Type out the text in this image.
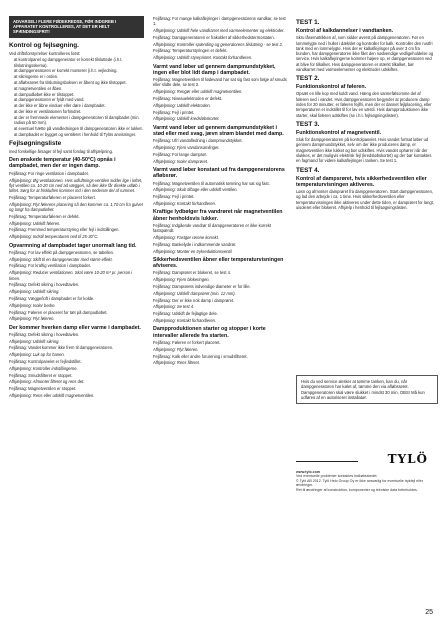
ADVARSEL! FLERE FØDEKREDSE, FØR INDGREB I APPARATET KONTROLLERES, AT DET ER HELT SPÆNDINGSFRIT!
Kontrol og fejlsøgning.

Ved driftsforstyrrelser kontrolleres først:

• at kontrolpanel og dampgenerator er korrekt tilsluttede (i.h.t. tilslutningsskema).
• at dampgeneratoren er korrekt monteret (i.h.t. vejledning.
• at sikringerne er i orden.
• at afløbsrøret fra tilslutningsboksen er åbent og ikke tilstoppet.
• at magnetventilen er åben.
• at dampudløbet ikke er tilstoppet.
• at dampgeneratoren er fyldt med vand.
• at der ikke er åbne vinduer eller døre i dampbadet.
• at der ikke er ventilationen forhindret.
• at der er fremmede elementer i dampgeneratoren til dampbadet (min. radius på 50 mm).
• at eventuel hætte på vandledningen til dampgeneratoren ikke er lukket.
• at dampbadet er bygget og ventileret i henhold til Tylös anvisninger.
Fejlsøgningsliste

med forskellige årsager til fejl samt forslag til afhjælpning.

Den ønskede temperatur (40-50°C) opnås i dampbadet, men der er ingen damp.

Fejlårsag: For ringe ventilation i dampbadet.

Afhjælpning: Øg ventilationen. Hvis udluftnings-ventilen sidder lige i loftet, flyt ventilen ca. 10-20 cm ned ad væggen, så den ikke får direkte udløb i loftet. Sørg for at friskluften kommer ind i den nederste del af rummet.

Fejlårsag: Temperaturføleren er placeret forkert.

Afhjælpning: Flyt følerens placering så den kommer ca. 1,70 cm fra gulvet og langt fra damputløbet.

Fejlårsag: Temperaturføleren er defekt.

Afhjælpning: Udskift føleren.

Fejlårsag: Fremmed temperaturstyring eller fejl i indstillingen.

Afhjælpning: Indstil temperaturen ned til 25-30°C.

Opvarmning af dampbadet tager unormalt lang tid.

Fejlårsag: For lav effekt på dampgeneratoren, se tabellen.

Afhjælpning: Skift til en dampgenerator med større effekt.

Fejlårsag: For kraftig ventilation i dampbadet.

Afhjælpning: Reducer ventilationen. Skal være 10-20 m³ pr. person i timen.

Fejlårsag: Defekt sikring i hovedtavlen.

Afhjælpning: Udskift sikring.

Fejlårsag: Vægge/loft i dampbadet er for kolde.

Afhjælpning: Isoler bedre.

Fejlårsag: Føleren er placeret for tæt på dampudløbet.

Afhjælpning: Flyt føleren.

Der kommer hverken damp eller varme i dampbadet.

Fejlårsag: Defekt sikring i hovedtavlen.

Afhjælpning: Udskift sikring.

Fejlårsag: Vandet kommer ikke frem til dampgeneratoren.

Afhjælpning: Luk op for hanen.

Fejlårsag: Kontrolpanelet er fejlindstillet.

Afhjælpning: Kontroller indstillingerne.

Fejlårsag: Smudsfilteret er stoppet.

Afhjælpning: Afmonter filteret og rens det.

Fejlårsag: Magnetventilen er stoppet.

Afhjælpning: Rens eller udskift magnetventilen.

Fejlårsag: For mange kalkaflejringer i dampgeneratorens vandkar, se test 1.

Afhjælpning: Udskift hele vandkarret med varmeelementer og elektroder.

Fejlårsag: Dampgeneratoren er frakoblet af sikkerhedstermostaten.

Afhjælpning: Kontroller spænding og generatorens tilslutning - se test 2.

Fejlårsag: Temperaturstyringen er defekt.

Afhjælpning: Udskift styreprintet. Kontakt forhandleren.

Varmt vand løber ud gennem dampmundstykket, ingen eller blot lidt damp i dampbadet.

Fejlårsag: Magnetventilen til fødevand har sat sig fast som følge af smuds eller slidte dele, se test 3.

Afhjælpning: Rengør eller udskift magnetventilen.

Fejlårsag: Niveauelektroden er defekt.

Afhjælpning: Udskift elektroden.

Fejlårsag: Fejl i printet.

Afhjælpning: Udskift kredsløbskortet.

Varmt vand løber ud gennem dampmundstykket i stød eller med svag, jævn strøm blandet med damp.

Fejlårsag: Ufri vandafledning i dampmundstykket.

Afhjælpning: Fjern vandansamlinger.

Fejlårsag: For lange damprør.

Afhjælpning: Isoler damprøret.

Varmt vand løber konstant ud fra dampgeneratorens afløbsrør.

Fejlårsag: Magnetventilen til automatisk tømning har sat sig fast.

Afhjælpning: Skub tilbage eller udskift ventilen.

Fejlårsag: Fejl i printet.

Afhjælpning: Kontakt forhandleren.

Kraftige lydbølger fra vandrøret når magnetventilen åbner henholdsvis lukker.

Fejlårsag: Indgående vandrør til dampgeneratoren er ikke korrekt fastspændt.

Afhjælpning: Fastgør rørene korrekt.

Fejlårsag: Bankelyde i indkommende vandrør.

Afhjælpning: Monter en trykreduktionsventil.

Sikkerhedsventilen åbner eller temperaturvisningen afviseres.

Fejlårsag: Damprøret er blokeret, se test 4.

Afhjælpning: Fjern blokeringen.

Fejlårsag: Damprørets indvendige diameter er for lille.

Afhjælpning: Udskift damprøret (min. 12 mm).

Fejlårsag: Der er ikke nok damp i damprøret.

Afhjælpning: Se test 4.

Fejlårsag: Udskift de fejlagtige dele.

Afhjælpning: Kontakt forhandleren.

Dampproduktionen starter og stopper i korte intervaller allerede fra starten.

Fejlårsag: Føleren er forkert placeret.

Afhjælpning: Flyt føleren.

Fejlårsag: Kalk eller andre forurening i smudsfilteret.

Afhjælpning: Rens filteret.

TEST 1.
Kontrol af kalkdannelser i vandtanken.

Skru låsemøtrikken af, som sidder øverst på dampgeneratoren. Før en lommelygte ned i hullet i dækslet og kontroller for kalk. Kontroller den rustfri tank med en lommelygte. Hvis der er kalkaflejringer på over 3 cm fra bunden, har dampgeneratoren ikke fået den nødvendige vedligeholdelse og service. Hvis kalkaflejringerne kommer højere op, er dampgeneratoren ved at blive for tilkalket. Hvis dampgeneratoren er stærkt tilkalket, bør vandkarret med varmeelementer og elektroder udskiftes.

TEST 2.
Funktionskontrol af føleren.

Opsæt en lille kop med koldt vand. Hæng den varmefølsomme del af føleren ned i vandet. Hvis dampgeneratoren begynder at producere damp inden for 20 minutter, er føleren fejlfri, men der er dannet fejlplacering, eller temperaturen er indstillet til for lav en værdi. Hvis dampproduktionen ikke starter, skal føleren udskiftes (se i.h.t. fejlsøgningslisten).

TEST 3.
Funktionskontrol af magnetventil.

Sluk for dampgeneratoren på kontrolpanelet. Hvis vandet fortsat løber ud gennem dampmundstykket, selv om der ikke produceres damp, er magnetventilen ikke lukket og bør udskiftes. Hvis vandet ophører når der slukkes, er det muligvis elektrisk fejl (kredsløbskortet) og der bør kontaktes en fagmand for videre kalkaflejringer i tanken. Se test 1.

TEST 4.
Kontrol af dampsrøret, hvis sikkerhedsventilen eller temperaturvisningen aktiveres.

Løsn og afmonter damprøret fra dampgeneratoren. Start dampgeneratoren, og lad den arbejde i ca. 1 time. Hvis sikkerhedsventilen eller temperaturvisningen ikke aktiveres under dette tiden, er damprøret for langt, uisoleret eller blokeret. Afhjælp i henhold til fejlsøgningslisten.

Hvis du ved service ønsker at tømme tanken, kan du, når dampgeneratoren har kølet af, tømme den via afløbsrøret. Dampgeneratoren skal være slukket i mindst 30 min. OBS! Må kun udføres af en autoriseret installatør.
TYLÖ
www.tylo.com
Ved eventuelle problemer kontaktes indkøbsstedet.
© Tylö AB 2012. Tylö Helo Group Oy er ikke ansvarlig for eventuelle trykfejl eller ændringer.
Ret til ændringer af konstruktion, komponenter og tekniske data forbeholdes.
25
